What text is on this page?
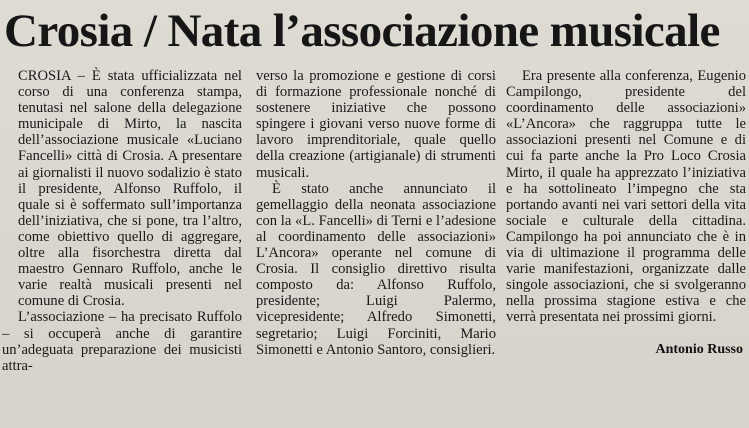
Crosia / Nata l’associazione musicale

CROSIA – È stata ufficializzata nel corso di una conferenza stampa, tenutasi nel salone della delegazione municipale di Mirto, la nascita dell’associazione musicale «Luciano Fancelli» città di Crosia. A presentare ai giornalisti il nuovo sodalizio è stato il presidente, Alfonso Ruffolo, il quale si è soffermato sull’importanza dell’iniziativa, che si pone, tra l’altro, come obiettivo quello di aggregare, oltre alla fisorchestra diretta dal maestro Gennaro Ruffolo, anche le varie realtà musicali presenti nel comune di Crosia.

L’associazione – ha precisato Ruffolo – si occuperà anche di garantire un’adeguata preparazione dei musicisti attra-

verso la promozione e gestione di corsi di formazione professionale nonché di sostenere iniziative che possono spingere i giovani verso nuove forme di lavoro imprenditoriale, quale quello della creazione (artigianale) di strumenti musicali.

È stato anche annunciato il gemellaggio della neonata associazione con la «L. Fancelli» di Terni e l’adesione al coordinamento delle associazioni» L’Ancora» operante nel comune di Crosia. Il consiglio direttivo risulta composto da: Alfonso Ruffolo, presidente; Luigi Palermo, vicepresidente; Alfredo Simonetti, segretario; Luigi Forciniti, Mario Simonetti e Antonio Santoro, consiglieri.

Era presente alla conferenza, Eugenio Campilongo, presidente del coordinamento delle associazioni» «L’Ancora» che raggruppa tutte le associazioni presenti nel Comune e di cui fa parte anche la Pro Loco Crosia Mirto, il quale ha apprezzato l’iniziativa e ha sottolineato l’impegno che sta portando avanti nei vari settori della vita sociale e culturale della cittadina. Campilongo ha poi annunciato che è in via di ultimazione il programma delle varie manifestazioni, organizzate dalle singole associazioni, che si svolgeranno nella prossima stagione estiva e che verrà presentata nei prossimi giorni.

Antonio Russo
